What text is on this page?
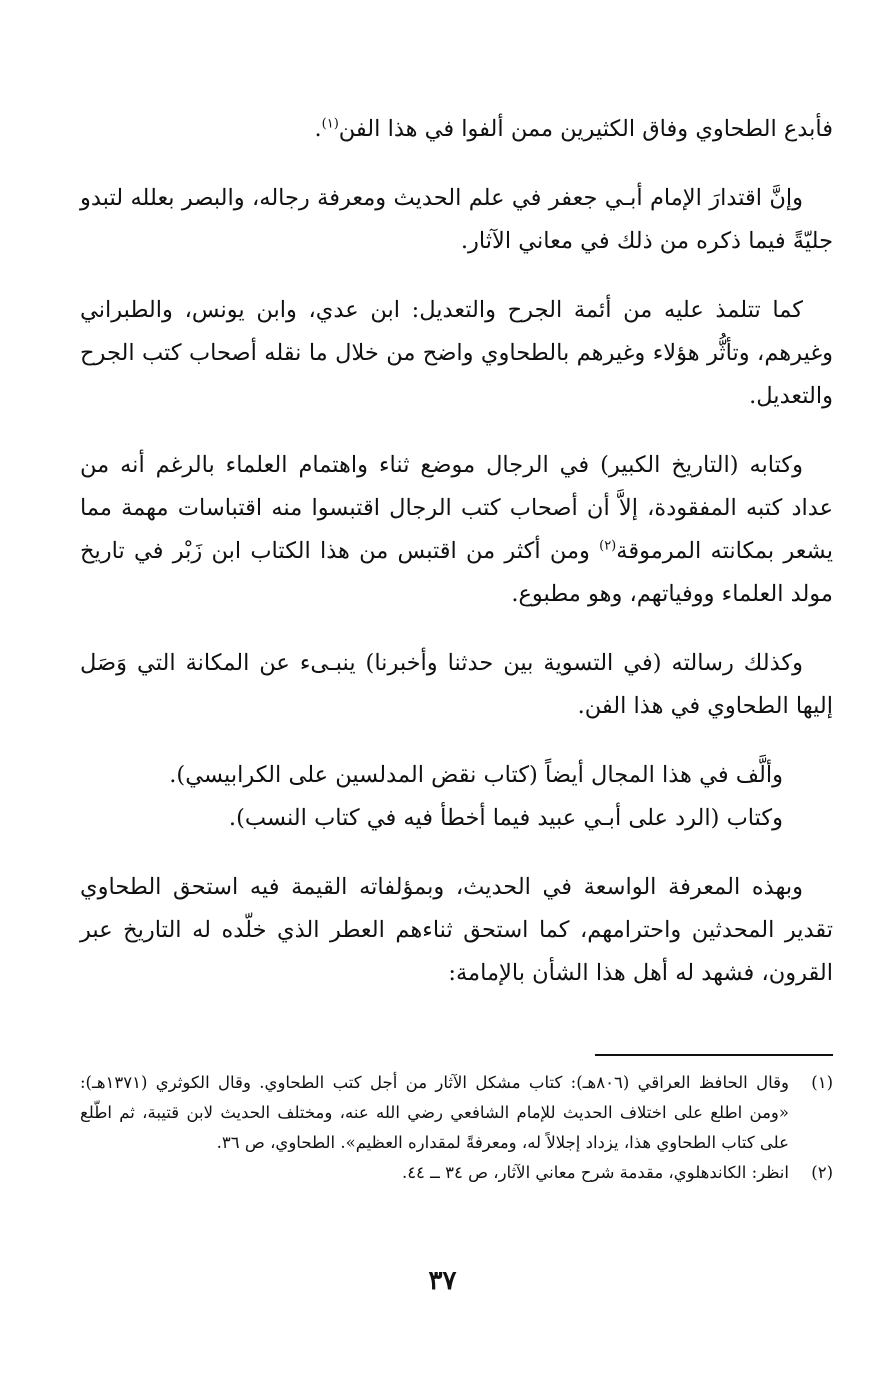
فأبدع الطحاوي وفاق الكثيرين ممن ألفوا في هذا الفن$^{(١)}$.

وإنَّ اقتدارَ الإمام أبـي جعفر في علم الحديث ومعرفة رجاله، والبصر بعلله لتبدو جليّةً فيما ذكره من ذلك في معاني الآثار.

كما تتلمذ عليه من أئمة الجرح والتعديل: ابن عدي، وابن يونس، والطبراني وغيرهم، وتأثُّر هؤلاء وغيرهم بالطحاوي واضح من خلال ما نقله أصحاب كتب الجرح والتعديل.

وكتابه (التاريخ الكبير) في الرجال موضع ثناء واهتمام العلماء بالرغم أنه من عداد كتبه المفقودة، إلاَّ أن أصحاب كتب الرجال اقتبسوا منه اقتباسات مهمة مما يشعر بمكانته المرموقة$^{(٢)}$ ومن أكثر من اقتبس من هذا الكتاب ابن زَبْر في تاريخ مولد العلماء ووفياتهم، وهو مطبوع.

وكذلك رسالته (في التسوية بين حدثنا وأخبرنا) ينبـىء عن المكانة التي وَصَل إليها الطحاوي في هذا الفن.

وألَّف في هذا المجال أيضاً (كتاب نقض المدلسين على الكرابيسي).

وكتاب (الرد على أبـي عبيد فيما أخطأ فيه في كتاب النسب).

وبهذه المعرفة الواسعة في الحديث، وبمؤلفاته القيمة فيه استحق الطحاوي تقدير المحدثين واحترامهم، كما استحق ثناءهم العطر الذي خلّده له التاريخ عبر القرون، فشهد له أهل هذا الشأن بالإمامة:

(١)
وقال الحافظ العراقي (٨٠٦هـ): كتاب مشكل الآثار من أجل كتب الطحاوي. وقال الكوثري (١٣٧١هـ): «ومن اطلع على اختلاف الحديث للإمام الشافعي رضي الله عنه، ومختلف الحديث لابن قتيبة، ثم اطّلع على كتاب الطحاوي هذا، يزداد إجلالاً له، ومعرفةً لمقداره العظيم». الطحاوي، ص ٣٦.
(٢)
انظر: الكاندهلوي، مقدمة شرح معاني الآثار، ص ٣٤ ــ ٤٤.
٣٧
